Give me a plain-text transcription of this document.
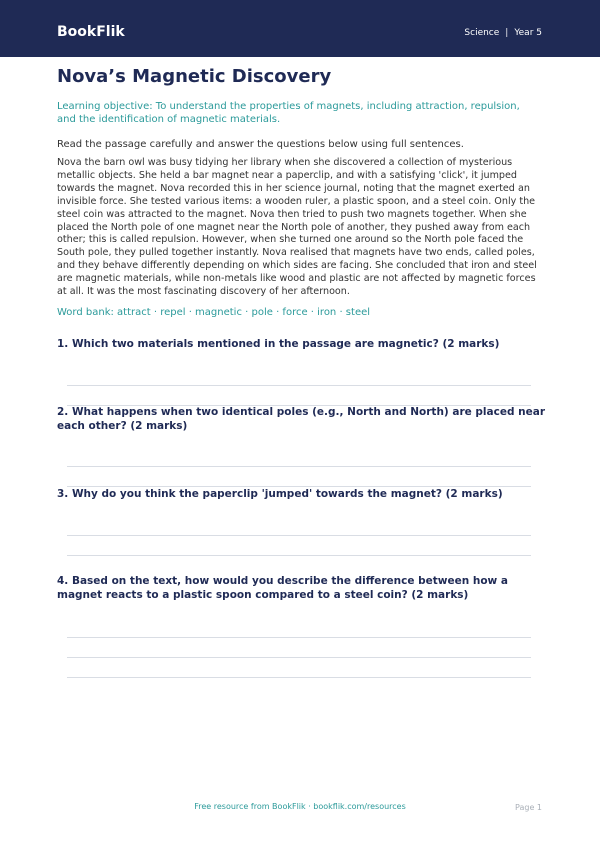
BookFlik	Science | Year 5
Nova’s Magnetic Discovery

Learning objective: To understand the properties of magnets, including attraction, repulsion, and the identification of magnetic materials.

Read the passage carefully and answer the questions below using full sentences.

Nova the barn owl was busy tidying her library when she discovered a collection of mysterious metallic objects. She held a bar magnet near a paperclip, and with a satisfying 'click', it jumped towards the magnet. Nova recorded this in her science journal, noting that the magnet exerted an invisible force. She tested various items: a wooden ruler, a plastic spoon, and a steel coin. Only the steel coin was attracted to the magnet. Nova then tried to push two magnets together. When she placed the North pole of one magnet near the North pole of another, they pushed away from each other; this is called repulsion. However, when she turned one around so the North pole faced the South pole, they pulled together instantly. Nova realised that magnets have two ends, called poles, and they behave differently depending on which sides are facing. She concluded that iron and steel are magnetic materials, while non-metals like wood and plastic are not affected by magnetic forces at all. It was the most fascinating discovery of her afternoon.

Word bank: attract · repel · magnetic · pole · force · iron · steel

1. Which two materials mentioned in the passage are magnetic? (2 marks)

2. What happens when two identical poles (e.g., North and North) are placed near each other? (2 marks)

3. Why do you think the paperclip 'jumped' towards the magnet? (2 marks)

4. Based on the text, how would you describe the difference between how a magnet reacts to a plastic spoon compared to a steel coin? (2 marks)

Free resource from BookFlik · bookflik.com/resources	Page 1
